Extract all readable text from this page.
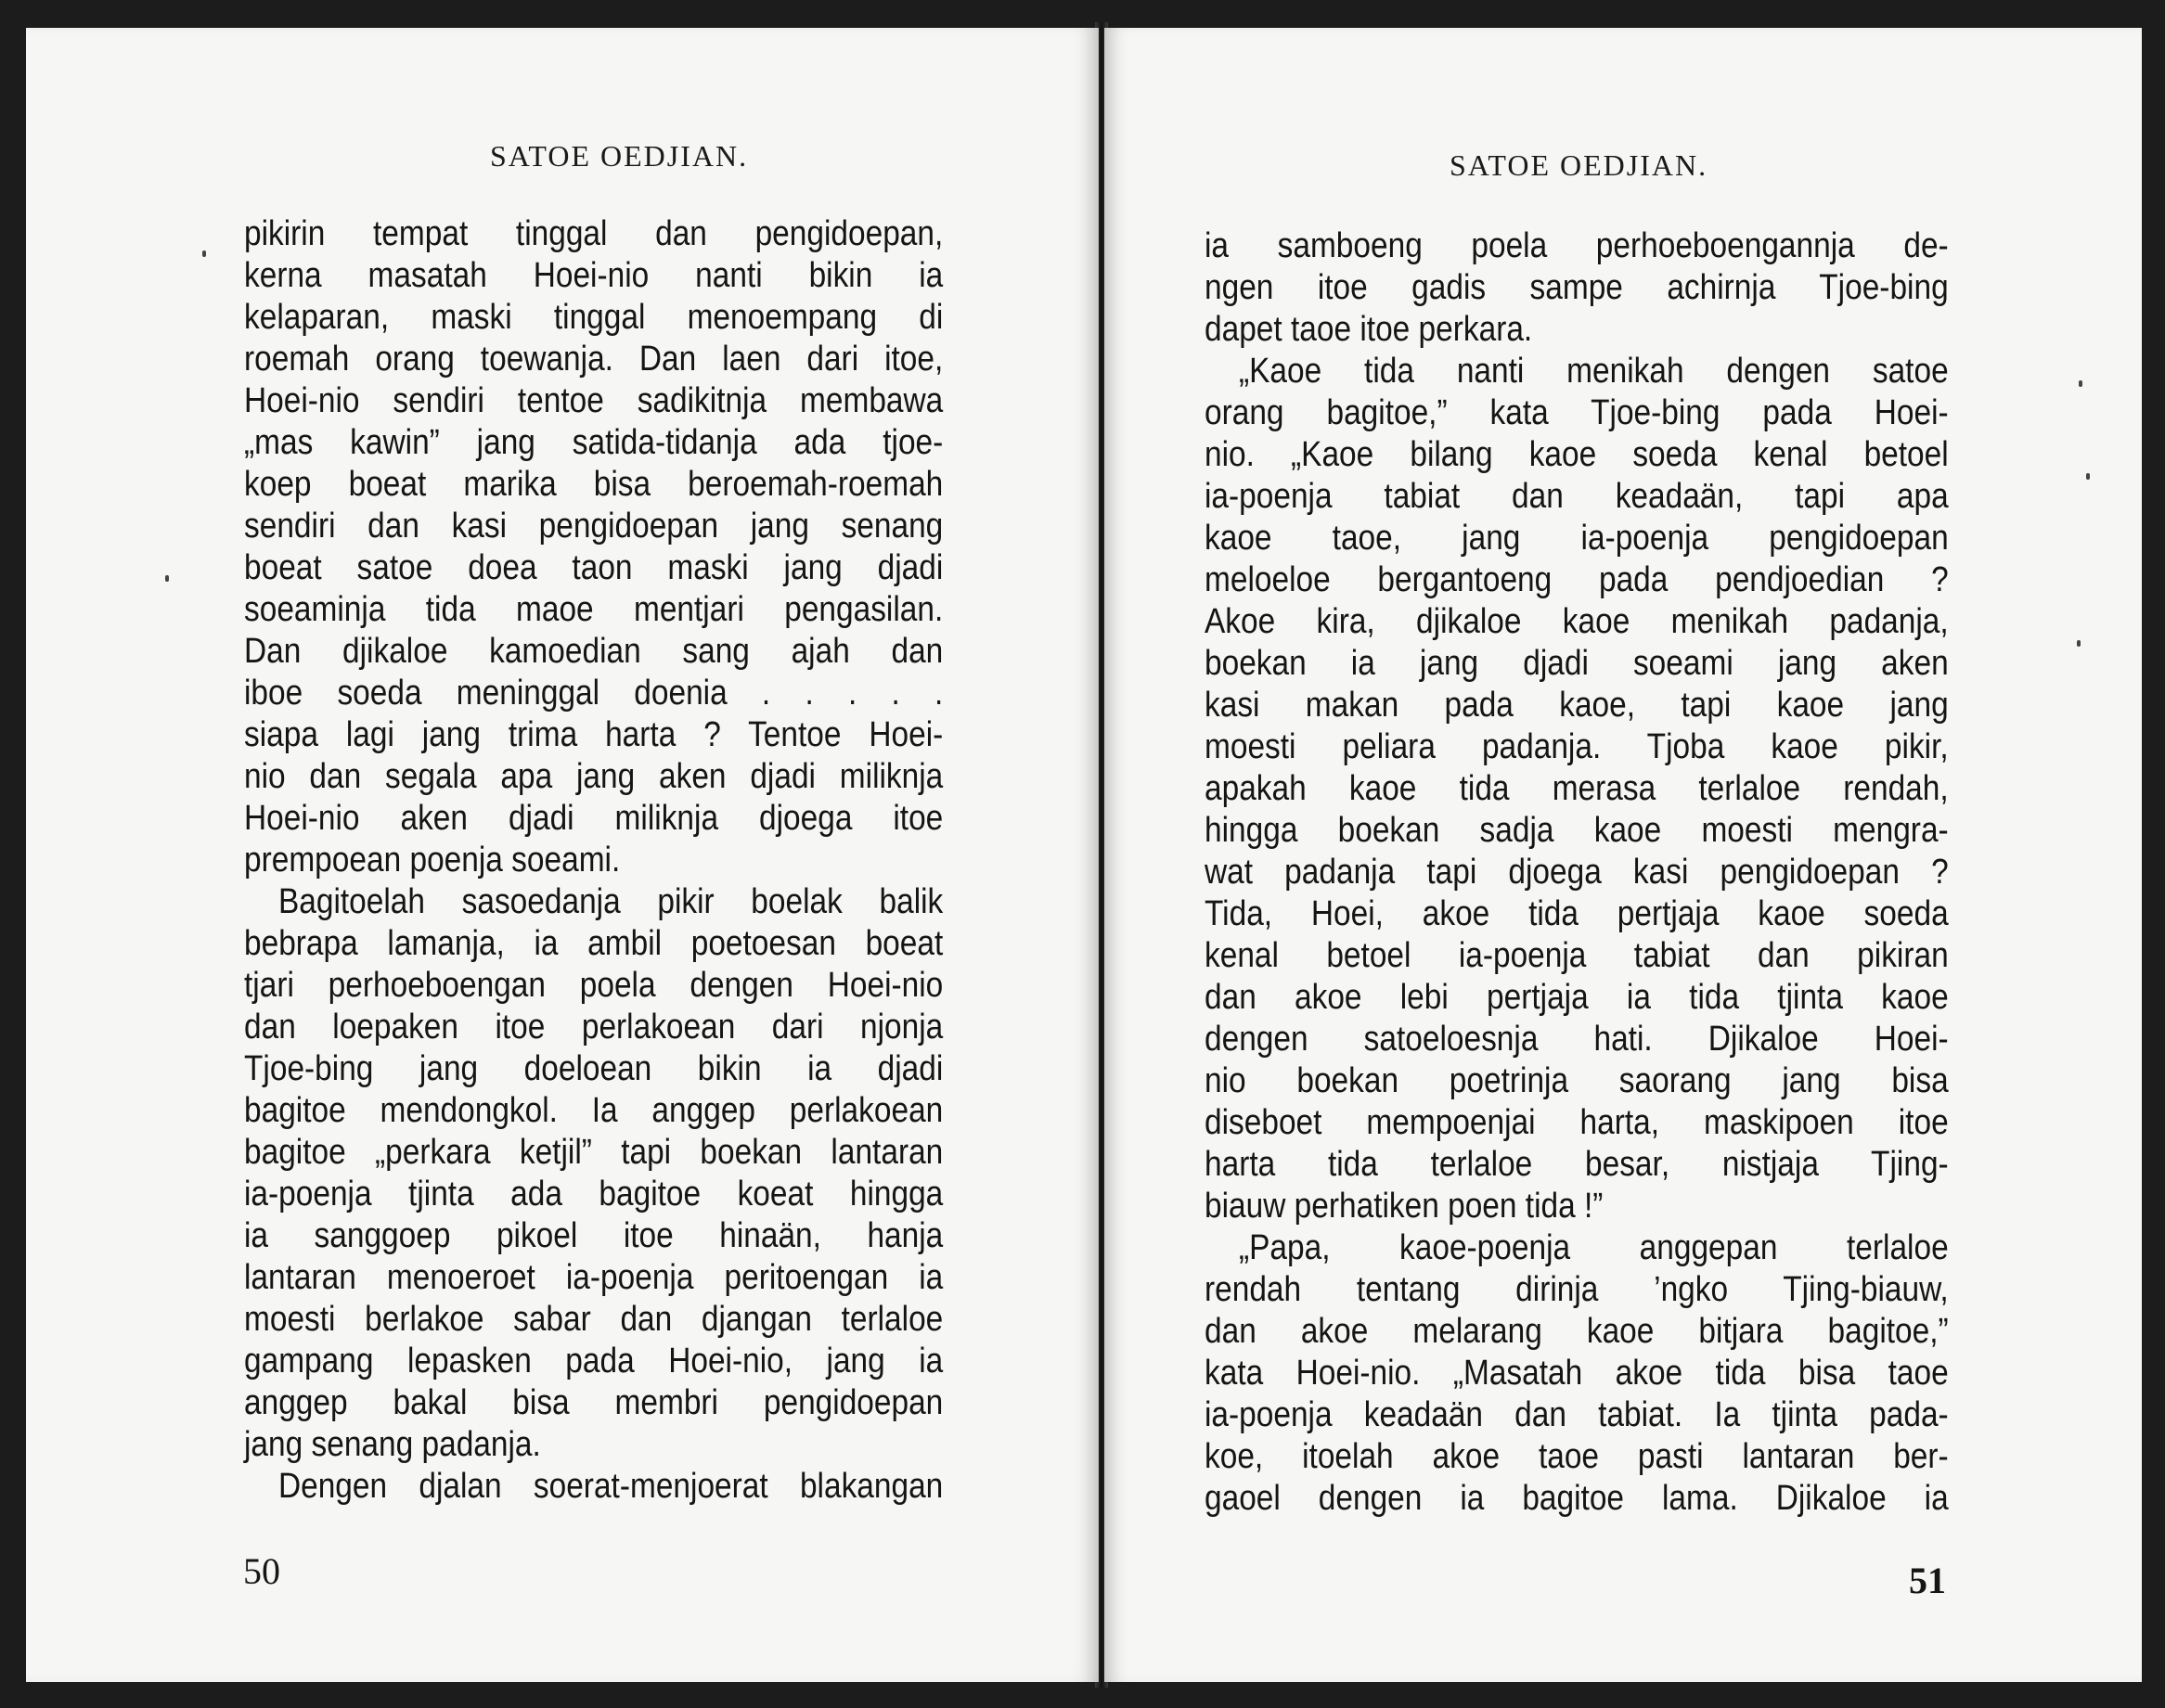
SATOE OEDJIAN.
pikirin tempat tinggal dan pengidoepan,
kerna masatah Hoei-nio nanti bikin ia
kelaparan, maski tinggal menoempang di
roemah orang toewanja. Dan laen dari itoe,
Hoei-nio sendiri tentoe sadikitnja membawa
„mas kawin” jang satida-tidanja ada tjoe-
koep boeat marika bisa beroemah-roemah
sendiri dan kasi pengidoepan jang senang
boeat satoe doea taon maski jang djadi
soeaminja tida maoe mentjari pengasilan.
Dan djikaloe kamoedian sang ajah dan
iboe soeda meninggal doenia . . . . .
siapa lagi jang trima harta ? Tentoe Hoei-
nio dan segala apa jang aken djadi miliknja
Hoei-nio aken djadi miliknja djoega itoe
prempoean poenja soeami.
Bagitoelah sasoedanja pikir boelak balik
bebrapa lamanja, ia ambil poetoesan boeat
tjari perhoeboengan poela dengen Hoei-nio
dan loepaken itoe perlakoean dari njonja
Tjoe-bing jang doeloean bikin ia djadi
bagitoe mendongkol. Ia anggep perlakoean
bagitoe „perkara ketjil” tapi boekan lantaran
ia-poenja tjinta ada bagitoe koeat hingga
ia sanggoep pikoel itoe hinaän, hanja
lantaran menoeroet ia-poenja peritoengan ia
moesti berlakoe sabar dan djangan terlaloe
gampang lepasken pada Hoei-nio, jang ia
anggep bakal bisa membri pengidoepan
jang senang padanja.
Dengen djalan soerat-menjoerat blakangan
50
SATOE OEDJIAN.
ia samboeng poela perhoeboengannja de-
ngen itoe gadis sampe achirnja Tjoe-bing
dapet taoe itoe perkara.
„Kaoe tida nanti menikah dengen satoe
orang bagitoe,” kata Tjoe-bing pada Hoei-
nio. „Kaoe bilang kaoe soeda kenal betoel
ia-poenja tabiat dan keadaän, tapi apa
kaoe taoe, jang ia-poenja pengidoepan
meloeloe bergantoeng pada pendjoedian ?
Akoe kira, djikaloe kaoe menikah padanja,
boekan ia jang djadi soeami jang aken
kasi makan pada kaoe, tapi kaoe jang
moesti peliara padanja. Tjoba kaoe pikir,
apakah kaoe tida merasa terlaloe rendah,
hingga boekan sadja kaoe moesti mengra-
wat padanja tapi djoega kasi pengidoepan ?
Tida, Hoei, akoe tida pertjaja kaoe soeda
kenal betoel ia-poenja tabiat dan pikiran
dan akoe lebi pertjaja ia tida tjinta kaoe
dengen satoeloesnja hati. Djikaloe Hoei-
nio boekan poetrinja saorang jang bisa
diseboet mempoenjai harta, maskipoen itoe
harta tida terlaloe besar, nistjaja Tjing-
biauw perhatiken poen tida !”
„Papa, kaoe-poenja anggepan terlaloe
rendah tentang dirinja ’ngko Tjing-biauw,
dan akoe melarang kaoe bitjara bagitoe,”
kata Hoei-nio. „Masatah akoe tida bisa taoe
ia-poenja keadaän dan tabiat. Ia tjinta pada-
koe, itoelah akoe taoe pasti lantaran ber-
gaoel dengen ia bagitoe lama. Djikaloe ia
51
